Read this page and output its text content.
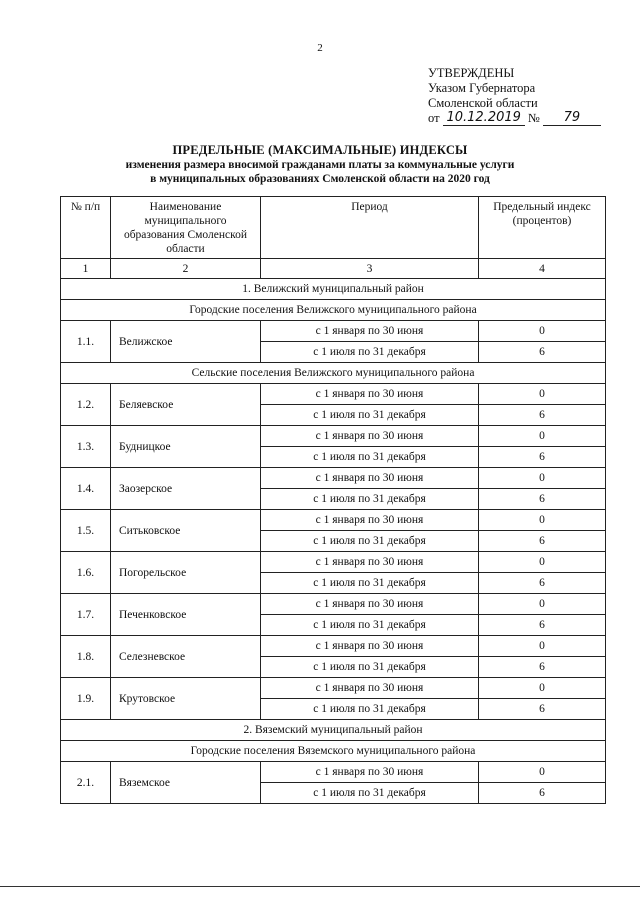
2
УТВЕРЖДЕНЫ
Указом Губернатора
Смоленской области
от 10.12.2019 № 79
ПРЕДЕЛЬНЫЕ (МАКСИМАЛЬНЫЕ) ИНДЕКСЫ
изменения размера вносимой гражданами платы за коммунальные услуги
в муниципальных образованиях Смоленской области на 2020 год
№ п/п	Наименование муниципального образования Смоленской области	Период	Предельный индекс (процентов)
1	2	3	4
1. Велижский муниципальный район			
Городские поселения Велижского муниципального района			
1.1.	Велижское	с 1 января по 30 июня	0
		с 1 июля по 31 декабря	6
Сельские поселения Велижского муниципального района			
1.2.	Беляевское	с 1 января по 30 июня	0
		с 1 июля по 31 декабря	6
1.3.	Будницкое	с 1 января по 30 июня	0
		с 1 июля по 31 декабря	6
1.4.	Заозерское	с 1 января по 30 июня	0
		с 1 июля по 31 декабря	6
1.5.	Ситьковское	с 1 января по 30 июня	0
		с 1 июля по 31 декабря	6
1.6.	Погорельское	с 1 января по 30 июня	0
		с 1 июля по 31 декабря	6
1.7.	Печенковское	с 1 января по 30 июня	0
		с 1 июля по 31 декабря	6
1.8.	Селезневское	с 1 января по 30 июня	0
		с 1 июля по 31 декабря	6
1.9.	Крутовское	с 1 января по 30 июня	0
		с 1 июля по 31 декабря	6
2. Вяземский муниципальный район			
Городские поселения Вяземского муниципального района			
2.1.	Вяземское	с 1 января по 30 июня	0
		с 1 июля по 31 декабря	6
